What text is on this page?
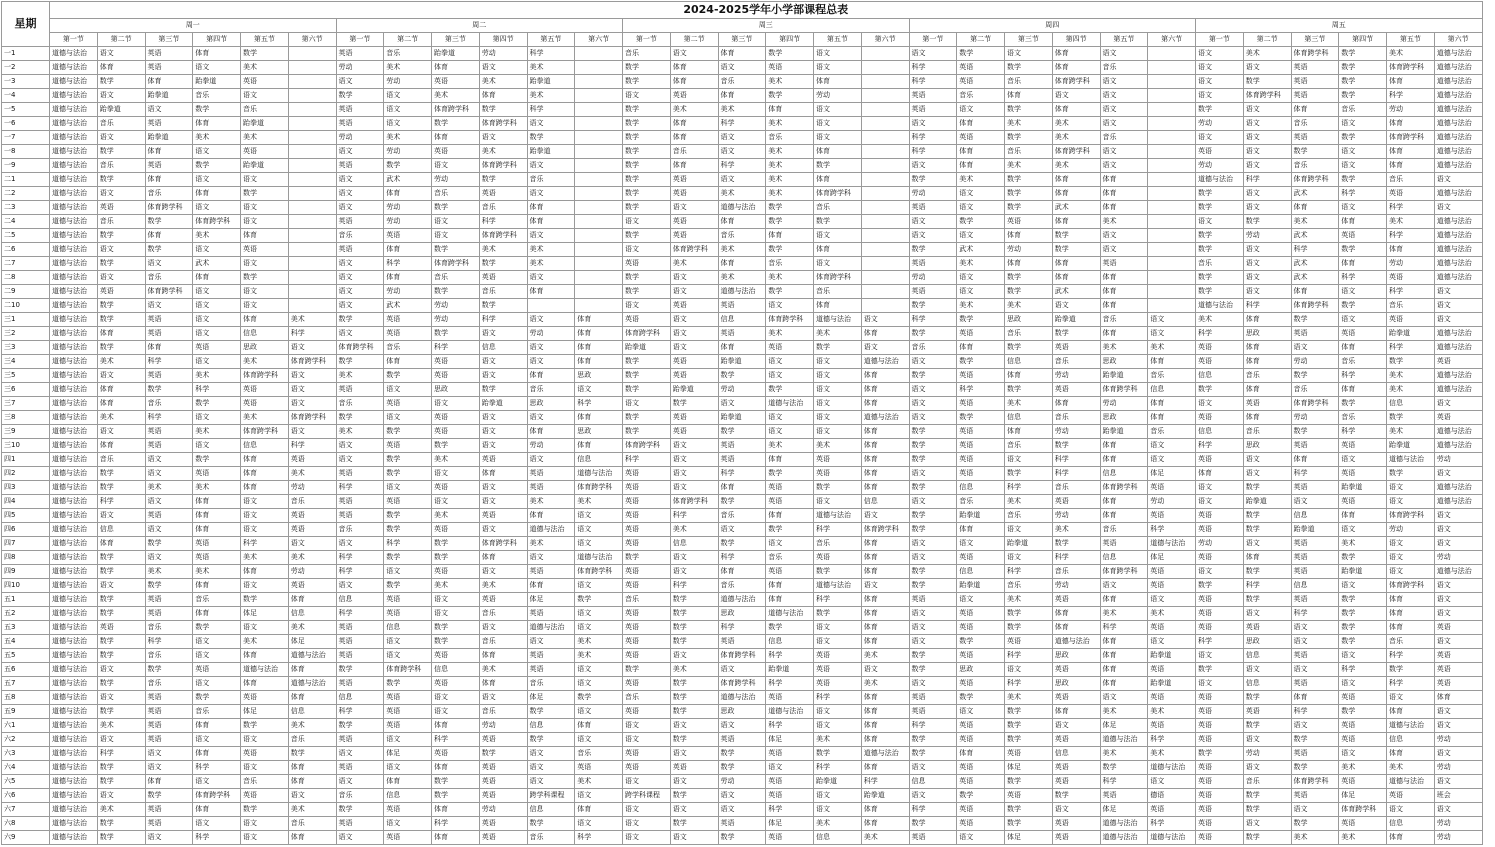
星期	2024-2025学年小学部课程总表																													
	周一						周二						周三						周四						周五					
	第一节	第二节	第三节	第四节	第五节	第六节	第一节	第二节	第三节	第四节	第五节	第六节	第一节	第二节	第三节	第四节	第五节	第六节	第一节	第二节	第三节	第四节	第五节	第六节	第一节	第二节	第三节	第四节	第五节	第六节
一1	道德与法治	语文	英语	体育	数学		英语	音乐	跆拳道	劳动	科学		音乐	语文	体育	数学	语文		语文	数学	语文	体育	语文		语文	美术	体育跨学科	数学	美术	道德与法治
一2	道德与法治	体育	英语	语文	美术		劳动	美术	体育	语文	美术		数学	体育	语文	英语	语文		科学	英语	数学	体育	音乐		语文	语文	英语	数学	体育跨学科	道德与法治
一3	道德与法治	数学	体育	跆拳道	英语		语文	劳动	英语	美术	跆拳道		数学	体育	音乐	美术	体育		科学	英语	音乐	体育跨学科	语文		语文	数学	英语	数学	体育	道德与法治
一4	道德与法治	语文	跆拳道	音乐	语文		数学	语文	美术	体育	美术		语文	英语	体育	数学	劳动		英语	音乐	体育	语文	语文		语文	体育跨学科	英语	数学	科学	道德与法治
一5	道德与法治	跆拳道	语文	数学	音乐		英语	语文	体育跨学科	数学	科学		数学	美术	美术	体育	语文		英语	语文	数学	体育	语文		数学	语文	体育	音乐	劳动	道德与法治
一6	道德与法治	音乐	英语	体育	跆拳道		英语	语文	数学	体育跨学科	语文		数学	体育	科学	美术	语文		语文	体育	美术	美术	语文		劳动	语文	音乐	语文	体育	道德与法治
一7	道德与法治	语文	跆拳道	美术	美术		劳动	美术	体育	语文	数学		数学	体育	语文	音乐	语文		科学	英语	数学	美术	音乐		语文	语文	英语	数学	体育跨学科	道德与法治
一8	道德与法治	数学	体育	语文	英语		语文	劳动	英语	美术	跆拳道		数学	音乐	语文	美术	体育		科学	体育	音乐	体育跨学科	语文		英语	语文	数学	语文	体育	道德与法治
一9	道德与法治	音乐	英语	数学	跆拳道		英语	数学	语文	体育跨学科	语文		数学	体育	科学	美术	数学		语文	体育	美术	美术	语文		劳动	语文	音乐	语文	体育	道德与法治
二1	道德与法治	数学	体育	语文	语文		语文	武术	劳动	数学	音乐		数学	英语	语文	美术	体育		数学	美术	数学	体育	体育		道德与法治	科学	体育跨学科	数学	音乐	语文
二2	道德与法治	语文	音乐	体育	数学		语文	体育	音乐	英语	语文		数学	英语	美术	美术	体育跨学科		劳动	语文	数学	体育	体育		数学	语文	武术	科学	英语	道德与法治
二3	道德与法治	英语	体育跨学科	语文	语文		语文	劳动	数学	音乐	体育		数学	语文	道德与法治	数学	音乐		英语	语文	数学	武术	体育		数学	语文	体育	语文	科学	语文
二4	道德与法治	音乐	数学	体育跨学科	语文		英语	劳动	语文	科学	体育		语文	英语	体育	数学	数学		语文	数学	英语	体育	美术		语文	数学	美术	体育	美术	道德与法治
二5	道德与法治	数学	体育	美术	体育		音乐	英语	语文	体育跨学科	语文		数学	英语	音乐	体育	语文		语文	语文	体育	数学	语文		数学	劳动	武术	英语	科学	道德与法治
二6	道德与法治	语文	数学	语文	英语		英语	体育	数学	美术	美术		语文	体育跨学科	美术	数学	体育		数学	武术	劳动	数学	语文		数学	语文	科学	数学	体育	道德与法治
二7	道德与法治	数学	语文	武术	语文		语文	科学	体育跨学科	数学	美术		英语	美术	体育	音乐	语文		英语	美术	体育	体育	英语		音乐	语文	武术	体育	劳动	道德与法治
二8	道德与法治	语文	音乐	体育	数学		语文	体育	音乐	英语	语文		数学	语文	美术	美术	体育跨学科		劳动	语文	数学	体育	体育		数学	语文	武术	科学	英语	道德与法治
二9	道德与法治	英语	体育跨学科	语文	语文		语文	劳动	数学	音乐	体育		数学	语文	道德与法治	数学	音乐		英语	语文	数学	武术	体育		数学	语文	体育	语文	科学	语文
二10	道德与法治	数学	语文	语文	语文		语文	武术	劳动	数学			语文	英语	英语	语文	体育		数学	美术	美术	语文	体育		道德与法治	科学	体育跨学科	数学	音乐	语文
三1	道德与法治	数学	英语	语文	体育	美术	数学	英语	劳动	科学	语文	体育	英语	语文	信息	体育跨学科	道德与法治	语文	科学	数学	思政	跆拳道	音乐	语文	美术	体育	数学	语文	英语	语文
三2	道德与法治	体育	英语	语文	信息	科学	语文	英语	数学	语文	劳动	体育	体育跨学科	语文	英语	美术	美术	体育	数学	英语	音乐	数学	体育	语文	科学	思政	英语	英语	跆拳道	道德与法治
三3	道德与法治	数学	体育	英语	思政	语文	体育跨学科	音乐	科学	信息	语文	体育	跆拳道	语文	体育	英语	数学	语文	音乐	体育	数学	英语	美术	美术	英语	体育	语文	体育	科学	道德与法治
三4	道德与法治	美术	科学	语文	美术	体育跨学科	数学	体育	英语	语文	语文	体育	数学	英语	跆拳道	语文	语文	道德与法治	语文	数学	信息	音乐	思政	体育	英语	体育	劳动	音乐	数学	英语
三5	道德与法治	语文	英语	美术	体育跨学科	语文	美术	数学	英语	语文	体育	思政	数学	英语	数学	语文	语文	体育	数学	英语	体育	劳动	跆拳道	音乐	信息	音乐	数学	科学	美术	道德与法治
三6	道德与法治	体育	数学	科学	英语	语文	英语	语文	思政	数学	音乐	语文	数学	跆拳道	劳动	数学	语文	体育	语文	科学	数学	英语	体育跨学科	信息	数学	体育	音乐	体育	美术	道德与法治
三7	道德与法治	体育	音乐	数学	英语	语文	音乐	英语	语文	跆拳道	思政	科学	语文	数学	语文	道德与法治	语文	体育	语文	英语	美术	体育	劳动	体育	语文	英语	体育跨学科	数学	信息	语文
三8	道德与法治	美术	科学	语文	美术	体育跨学科	数学	语文	英语	语文	语文	体育	数学	英语	跆拳道	语文	语文	道德与法治	语文	数学	信息	音乐	思政	体育	英语	体育	劳动	音乐	数学	英语
三9	道德与法治	语文	英语	美术	体育跨学科	语文	美术	数学	英语	语文	体育	思政	数学	英语	数学	语文	语文	体育	数学	英语	体育	劳动	跆拳道	音乐	信息	音乐	数学	科学	美术	道德与法治
三10	道德与法治	体育	英语	语文	信息	科学	语文	英语	数学	语文	劳动	体育	体育跨学科	语文	英语	美术	美术	体育	数学	英语	音乐	数学	体育	语文	科学	思政	英语	英语	跆拳道	道德与法治
四1	道德与法治	音乐	语文	数学	体育	英语	语文	数学	美术	英语	语文	信息	科学	语文	英语	体育	英语	体育	数学	英语	语文	科学	体育	语文	英语	语文	体育	语文	道德与法治	劳动
四2	道德与法治	数学	语文	英语	体育	美术	英语	数学	语文	体育	英语	道德与法治	英语	语文	科学	数学	英语	体育	语文	英语	数学	科学	信息	体足	体育	语文	科学	英语	数学	语文
四3	道德与法治	数学	美术	美术	体育	劳动	科学	语文	英语	语文	英语	体育跨学科	英语	语文	体育	英语	数学	体育	数学	信息	科学	音乐	体育跨学科	英语	语文	数学	英语	跆拳道	语文	道德与法治
四4	道德与法治	科学	语文	体育	语文	音乐	英语	英语	语文	语文	美术	美术	英语	体育跨学科	数学	英语	语文	信息	语文	音乐	美术	英语	体育	劳动	语文	跆拳道	语文	英语	语文	道德与法治
四5	道德与法治	语文	英语	体育	语文	英语	英语	数学	美术	英语	体育	语文	英语	科学	音乐	体育	道德与法治	语文	数学	跆拳道	音乐	劳动	体育	英语	英语	数学	信息	体育	体育跨学科	语文
四6	道德与法治	信息	语文	体育	语文	英语	音乐	数学	英语	语文	道德与法治	语文	英语	美术	语文	数学	科学	体育跨学科	数学	体育	语文	美术	音乐	科学	英语	数学	跆拳道	语文	劳动	语文
四7	道德与法治	体育	数学	英语	科学	语文	语文	科学	数学	体育跨学科	美术	语文	英语	信息	数学	语文	音乐	体育	语文	语文	跆拳道	数学	英语	道德与法治	劳动	语文	英语	美术	语文	语文
四8	道德与法治	数学	语文	英语	美术	美术	科学	数学	数学	体育	语文	道德与法治	数学	语文	科学	音乐	英语	体育	语文	英语	语文	科学	信息	体足	英语	体育	英语	数学	语文	劳动
四9	道德与法治	数学	美术	美术	体育	劳动	科学	语文	英语	语文	英语	体育跨学科	英语	语文	体育	英语	数学	体育	数学	信息	科学	音乐	体育跨学科	英语	语文	数学	英语	跆拳道	语文	道德与法治
四10	道德与法治	语文	数学	体育	语文	英语	语文	数学	美术	美术	体育	语文	英语	科学	音乐	体育	道德与法治	语文	数学	跆拳道	音乐	劳动	语文	英语	数学	科学	信息	语文	体育跨学科	语文
五1	道德与法治	数学	英语	音乐	数学	体育	信息	英语	语文	英语	体足	数学	音乐	数学	道德与法治	体育	科学	体育	英语	语文	美术	英语	体育	语文	英语	数学	英语	数学	体育	语文
五2	道德与法治	数学	英语	体育	体足	信息	科学	英语	语文	音乐	英语	语文	英语	数学	思政	道德与法治	数学	体育	语文	英语	数学	体育	美术	美术	英语	语文	科学	数学	体育	语文
五3	道德与法治	英语	音乐	数学	语文	美术	英语	信息	数学	语文	道德与法治	语文	英语	数学	科学	数学	语文	体育	语文	英语	数学	体育	科学	英语	英语	英语	语文	数学	体育	英语
五4	道德与法治	数学	科学	语文	美术	体足	英语	语文	数学	音乐	语文	美术	英语	数学	英语	信息	语文	体育	语文	数学	英语	道德与法治	体育	语文	科学	思政	语文	数学	音乐	语文
五5	道德与法治	数学	音乐	语文	体育	道德与法治	英语	语文	英语	体育	英语	美术	英语	语文	体育跨学科	科学	英语	美术	数学	英语	科学	思政	体育	跆拳道	语文	信息	英语	语文	科学	英语
五6	道德与法治	语文	数学	英语	道德与法治	体育	数学	体育跨学科	信息	美术	英语	语文	数学	美术	语文	跆拳道	英语	语文	数学	思政	语文	英语	体育	英语	数学	语文	语文	科学	数学	英语
五7	道德与法治	数学	音乐	语文	体育	道德与法治	英语	数学	英语	体育	音乐	语文	英语	数学	体育跨学科	科学	英语	美术	语文	英语	科学	思政	体育	跆拳道	语文	信息	英语	语文	科学	英语
五8	道德与法治	语文	英语	数学	英语	体育	信息	英语	语文	语文	体足	数学	音乐	数学	道德与法治	英语	科学	体育	英语	数学	美术	英语	语文	英语	英语	数学	体育	英语	语文	体育
五9	道德与法治	数学	英语	音乐	体足	信息	科学	英语	语文	音乐	数学	语文	英语	数学	思政	道德与法治	语文	体育	英语	语文	数学	体育	美术	美术	英语	英语	科学	数学	体育	语文
六1	道德与法治	美术	英语	体育	数学	美术	数学	英语	体育	劳动	信息	体育	语文	语文	语文	科学	语文	体育	科学	英语	数学	语文	体足	英语	英语	数学	语文	英语	道德与法治	语文
六2	道德与法治	语文	英语	语文	语文	音乐	英语	语文	科学	英语	数学	语文	语文	数学	英语	体足	美术	体育	数学	英语	数学	英语	道德与法治	科学	英语	语文	数学	英语	信息	劳动
六3	道德与法治	科学	语文	体育	英语	数学	语文	体足	英语	数学	语文	音乐	英语	语文	数学	英语	数学	道德与法治	数学	体育	英语	信息	美术	美术	数学	劳动	英语	语文	体育	语文
六4	道德与法治	数学	语文	科学	语文	体育	英语	语文	体育	英语	语文	英语	英语	英语	数学	语文	科学	体育	语文	英语	体足	英语	数学	道德与法治	英语	语文	数学	美术	美术	劳动
六5	道德与法治	数学	体育	语文	音乐	体育	语文	体育	数学	英语	语文	美术	语文	语文	劳动	英语	跆拳道	科学	信息	英语	数学	英语	科学	语文	英语	音乐	体育跨学科	英语	道德与法治	语文
六6	道德与法治	语文	数学	体育跨学科	英语	语文	音乐	信息	数学	英语	跨学科课程	语文	跨学科课程	数学	语文	英语	语文	跆拳道	语文	数学	英语	数学	英语	德语	英语	数学	英语	体足	英语	班会
六7	道德与法治	美术	英语	体育	数学	美术	数学	英语	体育	劳动	信息	体育	语文	语文	语文	科学	语文	体育	科学	英语	数学	语文	体足	英语	英语	数学	语文	体育跨学科	语文	语文
六8	道德与法治	数学	英语	语文	语文	音乐	英语	语文	科学	英语	数学	语文	语文	数学	英语	体足	美术	体育	数学	英语	数学	英语	道德与法治	科学	英语	语文	数学	英语	信息	劳动
六9	道德与法治	数学	语文	科学	语文	体育	语文	英语	体育	英语	音乐	科学	语文	语文	数学	英语	信息	美术	英语	语文	体足	英语	道德与法治	道德与法治	英语	数学	美术	美术	体育	劳动
